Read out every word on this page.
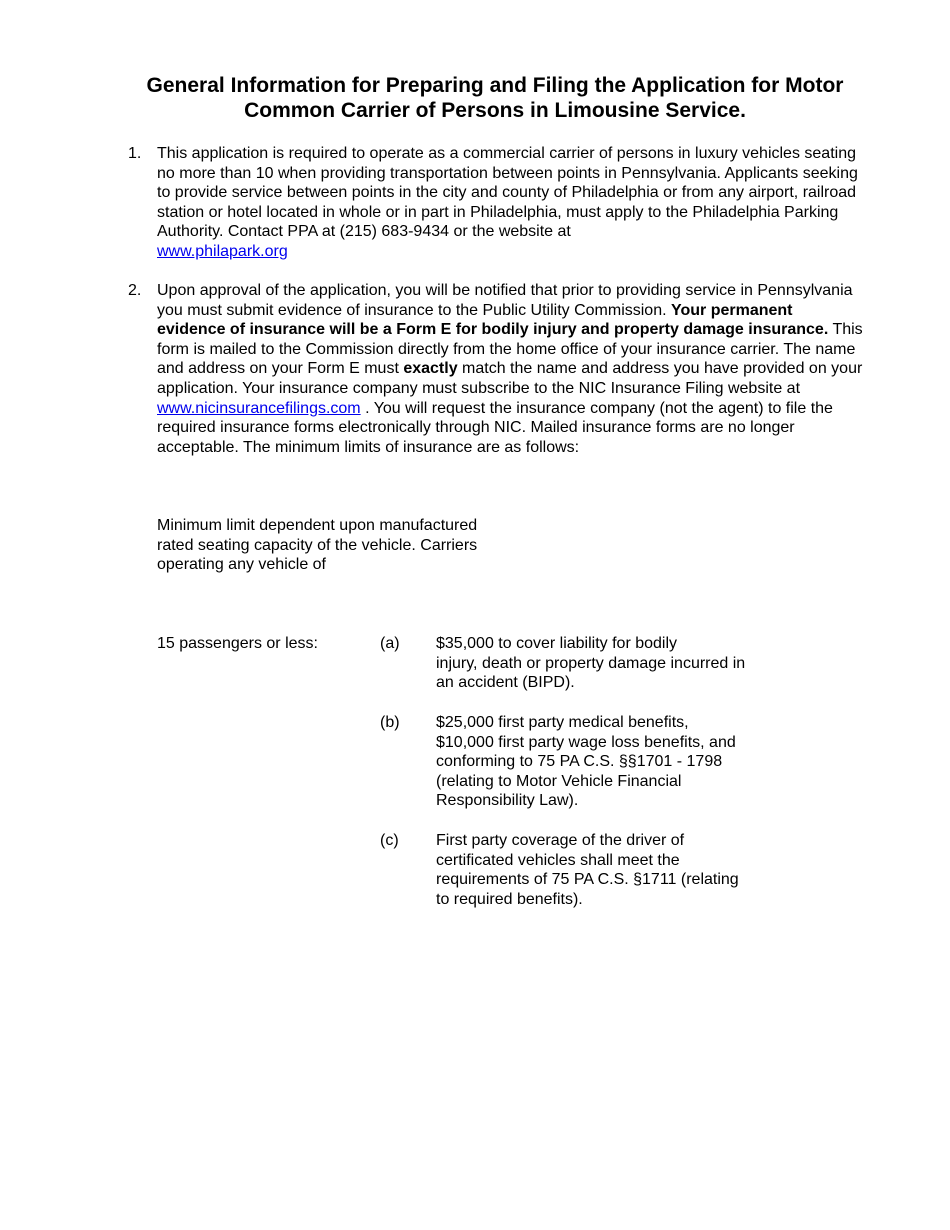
General Information for Preparing and Filing the Application for Motor
Common Carrier of Persons in Limousine Service.
1. This application is required to operate as a commercial carrier of persons in luxury vehicles seating no more than 10 when providing transportation between points in Pennsylvania. Applicants seeking to provide service between points in the city and county of Philadelphia or from any airport, railroad station or hotel located in whole or in part in Philadelphia, must apply to the Philadelphia Parking Authority. Contact PPA at (215) 683-9434 or the website at
www.philapark.org
2. Upon approval of the application, you will be notified that prior to providing service in Pennsylvania you must submit evidence of insurance to the Public Utility Commission. Your permanent evidence of insurance will be a Form E for bodily injury and property damage insurance. This form is mailed to the Commission directly from the home office of your insurance carrier. The name and address on your Form E must exactly match the name and address you have provided on your application. Your insurance company must subscribe to the NIC Insurance Filing website at www.nicinsurancefilings.com . You will request the insurance company (not the agent) to file the required insurance forms electronically through NIC. Mailed insurance forms are no longer acceptable. The minimum limits of insurance are as follows:
Minimum limit dependent upon manufactured
rated seating capacity of the vehicle. Carriers
operating any vehicle of
15 passengers or less:	(a) $35,000 to cover liability for bodily
injury, death or property damage incurred in
an accident (BIPD).
(b) $25,000 first party medical benefits,
$10,000 first party wage loss benefits, and
conforming to 75 PA C.S. §§1701 - 1798
(relating to Motor Vehicle Financial
Responsibility Law).
(c) First party coverage of the driver of
certificated vehicles shall meet the
requirements of 75 PA C.S. §1711 (relating
to required benefits).
